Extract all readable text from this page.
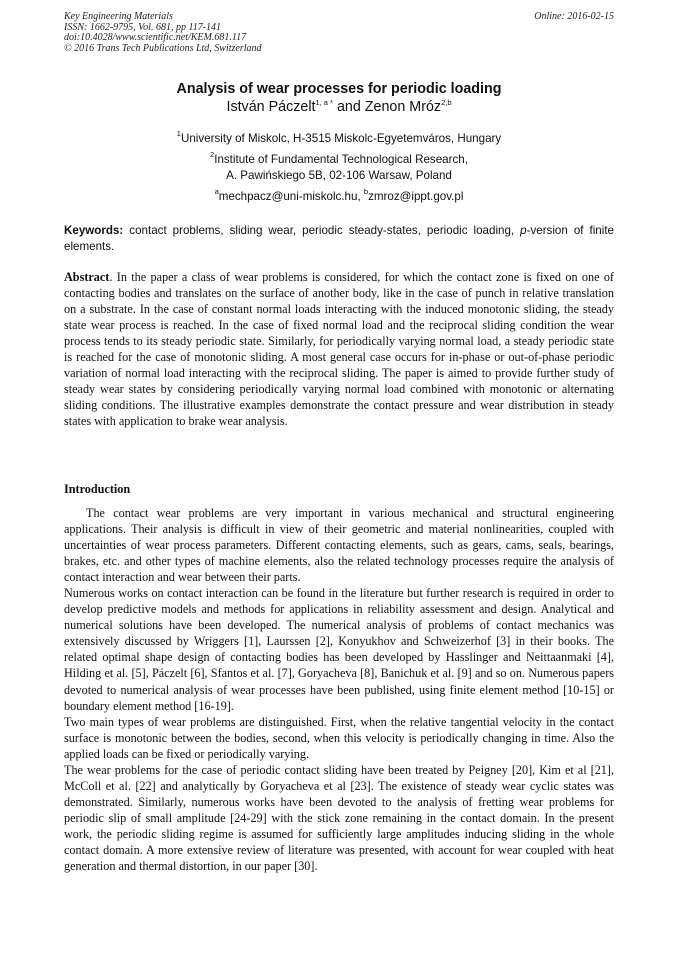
Key Engineering Materials
ISSN: 1662-9795, Vol. 681, pp 117-141
doi:10.4028/www.scientific.net/KEM.681.117
© 2016 Trans Tech Publications Ltd, Switzerland
Online: 2016-02-15
Analysis of wear processes for periodic loading
István Páczelt$^{1, a *}$ and Zenon Mróz$^{2,b}$
$^1$University of Miskolc, H-3515 Miskolc-Egyetemváros, Hungary
$^2$Institute of Fundamental Technological Research,
A. Pawińskiego 5B, 02-106 Warsaw, Poland
$^a$mechpacz@uni-miskolc.hu, $^b$zmroz@ippt.gov.pl
Keywords: contact problems, sliding wear, periodic steady-states, periodic loading, p-version of finite elements.

Abstract. In the paper a class of wear problems is considered, for which the contact zone is fixed on one of contacting bodies and translates on the surface of another body, like in the case of punch in relative translation on a substrate. In the case of constant normal loads interacting with the induced monotonic sliding, the steady state wear process is reached. In the case of fixed normal load and the reciprocal sliding condition the wear process tends to its steady periodic state. Similarly, for periodically varying normal load, a steady periodic state is reached for the case of monotonic sliding. A most general case occurs for in-phase or out-of-phase periodic variation of normal load interacting with the reciprocal sliding. The paper is aimed to provide further study of steady wear states by considering periodically varying normal load combined with monotonic or alternating sliding conditions. The illustrative examples demonstrate the contact pressure and wear distribution in steady states with application to brake wear analysis.

Introduction

The contact wear problems are very important in various mechanical and structural engineering applications. Their analysis is difficult in view of their geometric and material nonlinearities, coupled with uncertainties of wear process parameters. Different contacting elements, such as gears, cams, seals, bearings, brakes, etc. and other types of machine elements, also the related technology processes require the analysis of contact interaction and wear between their parts.

Numerous works on contact interaction can be found in the literature but further research is required in order to develop predictive models and methods for applications in reliability assessment and design. Analytical and numerical solutions have been developed. The numerical analysis of problems of contact mechanics was extensively discussed by Wriggers [1], Laurssen [2], Konyukhov and Schweizerhof [3] in their books. The related optimal shape design of contacting bodies has been developed by Hasslinger and Neittaanmaki [4], Hilding et al. [5], Páczelt [6], Sfantos et al. [7], Goryacheva [8], Banichuk et al. [9] and so on. Numerous papers devoted to numerical analysis of wear processes have been published, using finite element method [10-15] or boundary element method [16-19].

Two main types of wear problems are distinguished. First, when the relative tangential velocity in the contact surface is monotonic between the bodies, second, when this velocity is periodically changing in time. Also the applied loads can be fixed or periodically varying.

The wear problems for the case of periodic contact sliding have been treated by Peigney [20], Kim et al [21], McColl et al. [22] and analytically by Goryacheva et al [23]. The existence of steady wear cyclic states was demonstrated. Similarly, numerous works have been devoted to the analysis of fretting wear problems for periodic slip of small amplitude [24-29] with the stick zone remaining in the contact domain. In the present work, the periodic sliding regime is assumed for sufficiently large amplitudes inducing sliding in the whole contact domain. A more extensive review of literature was presented, with account for wear coupled with heat generation and thermal distortion, in our paper [30].
